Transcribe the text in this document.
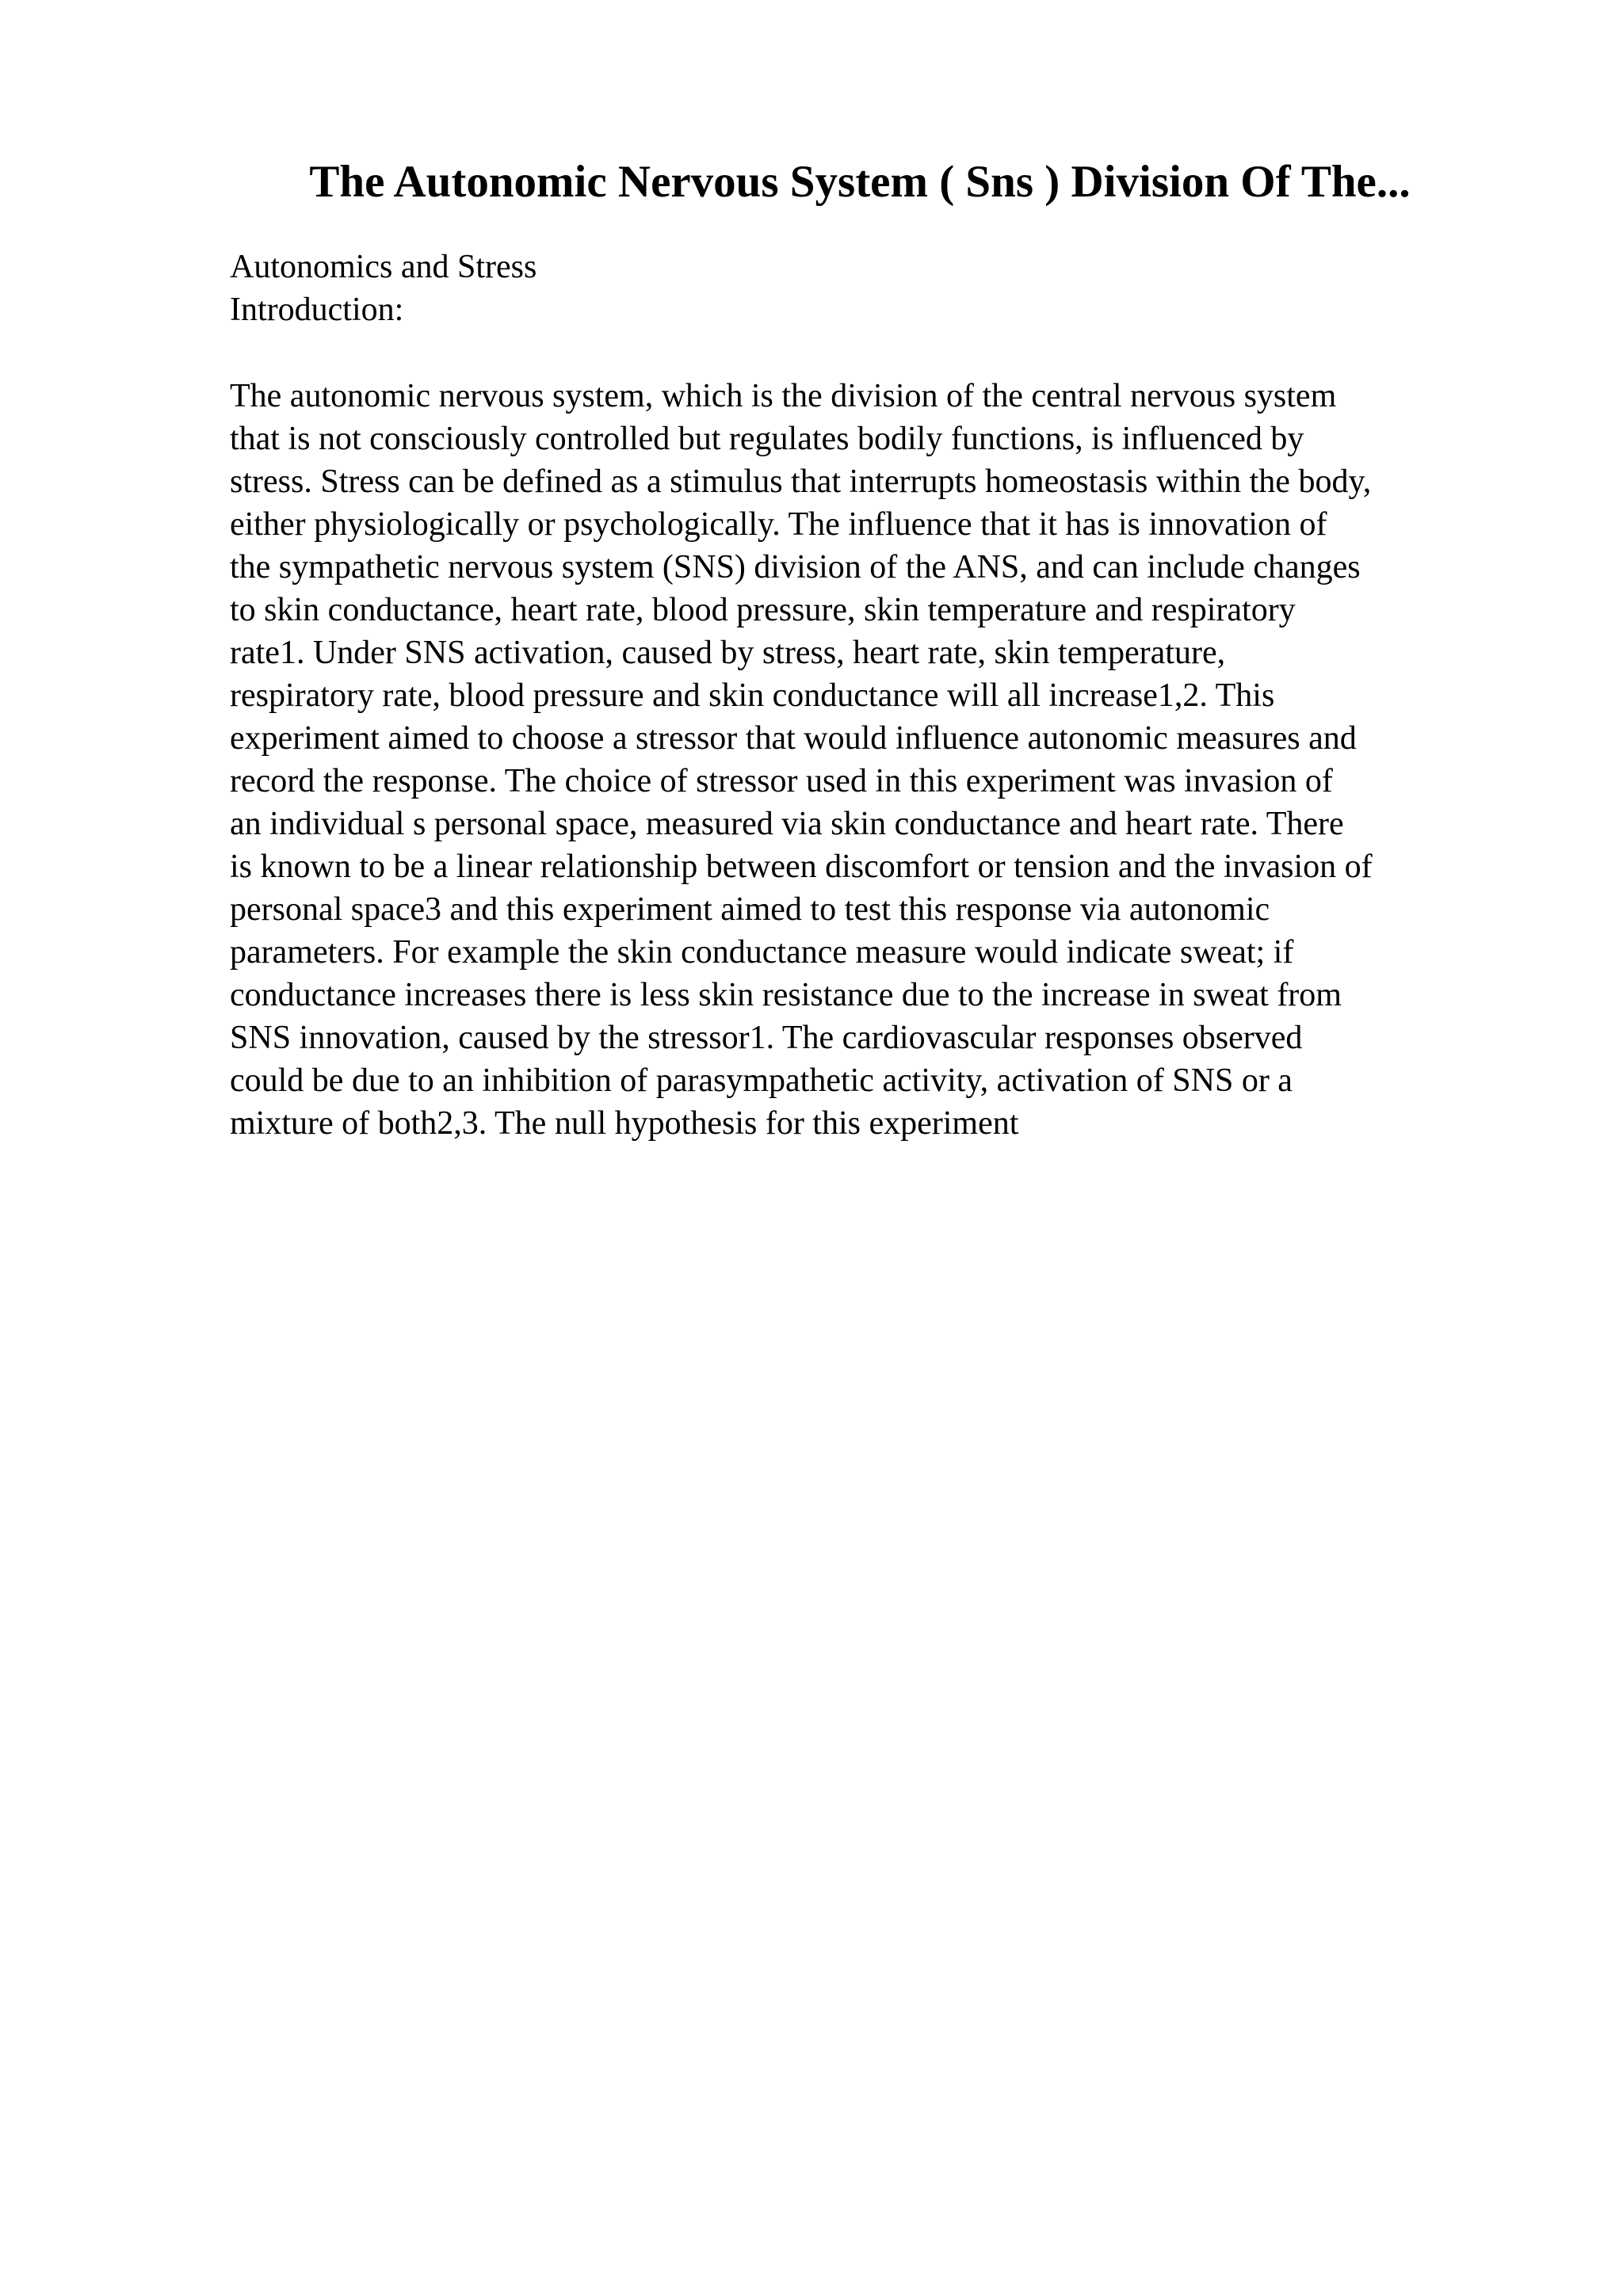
The Autonomic Nervous System ( Sns ) Division Of The...

Autonomics and Stress

Introduction:

The autonomic nervous system, which is the division of the central nervous system
that is not consciously controlled but regulates bodily functions, is influenced by
stress. Stress can be defined as a stimulus that interrupts homeostasis within the body,
either physiologically or psychologically. The influence that it has is innovation of
the sympathetic nervous system (SNS) division of the ANS, and can include changes
to skin conductance, heart rate, blood pressure, skin temperature and respiratory
rate1. Under SNS activation, caused by stress, heart rate, skin temperature,
respiratory rate, blood pressure and skin conductance will all increase1,2. This
experiment aimed to choose a stressor that would influence autonomic measures and
record the response. The choice of stressor used in this experiment was invasion of
an individual s personal space, measured via skin conductance and heart rate. There
is known to be a linear relationship between discomfort or tension and the invasion of
personal space3 and this experiment aimed to test this response via autonomic
parameters. For example the skin conductance measure would indicate sweat; if
conductance increases there is less skin resistance due to the increase in sweat from
SNS innovation, caused by the stressor1. The cardiovascular responses observed
could be due to an inhibition of parasympathetic activity, activation of SNS or a
mixture of both2,3. The null hypothesis for this experiment
